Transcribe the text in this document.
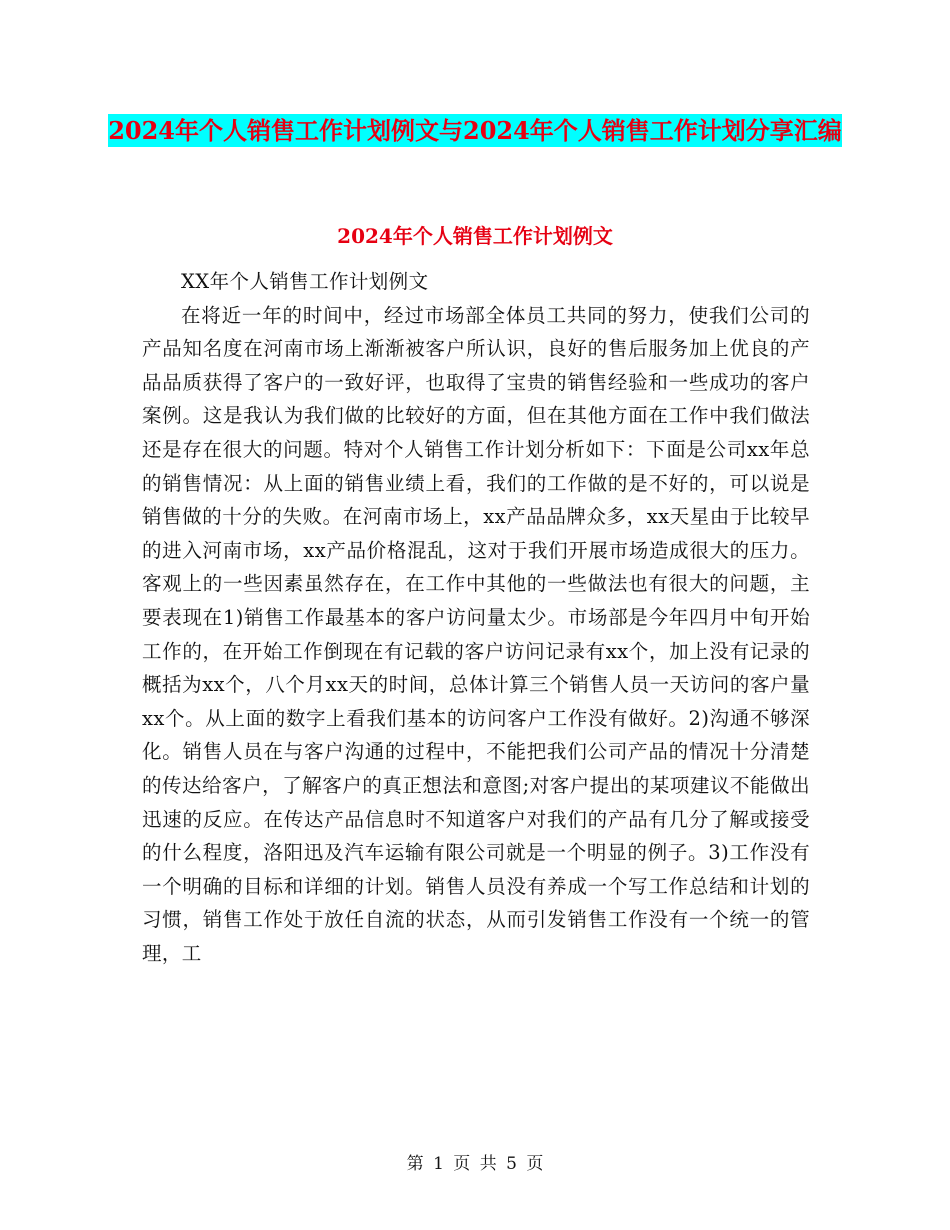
2024年个人销售工作计划例文与2024年个人销售工作计划分享汇编
2024年个人销售工作计划例文

XX年个人销售工作计划例文

在将近一年的时间中，经过市场部全体员工共同的努力，使我们公司的产品知名度在河南市场上渐渐被客户所认识，良好的售后服务加上优良的产品品质获得了客户的一致好评，也取得了宝贵的销售经验和一些成功的客户案例。这是我认为我们做的比较好的方面，但在其他方面在工作中我们做法还是存在很大的问题。特对个人销售工作计划分析如下：下面是公司xx年总的销售情况：从上面的销售业绩上看，我们的工作做的是不好的，可以说是销售做的十分的失败。在河南市场上，xx产品品牌众多，xx天星由于比较早的进入河南市场，xx产品价格混乱，这对于我们开展市场造成很大的压力。客观上的一些因素虽然存在，在工作中其他的一些做法也有很大的问题，主要表现在1)销售工作最基本的客户访问量太少。市场部是今年四月中旬开始工作的，在开始工作倒现在有记载的客户访问记录有xx个，加上没有记录的概括为xx个，八个月xx天的时间，总体计算三个销售人员一天访问的客户量xx个。从上面的数字上看我们基本的访问客户工作没有做好。2)沟通不够深化。销售人员在与客户沟通的过程中，不能把我们公司产品的情况十分清楚的传达给客户，了解客户的真正想法和意图;对客户提出的某项建议不能做出迅速的反应。在传达产品信息时不知道客户对我们的产品有几分了解或接受的什么程度，洛阳迅及汽车运输有限公司就是一个明显的例子。3)工作没有一个明确的目标和详细的计划。销售人员没有养成一个写工作总结和计划的习惯，销售工作处于放任自流的状态，从而引发销售工作没有一个统一的管理，工

第 1 页 共 5 页
